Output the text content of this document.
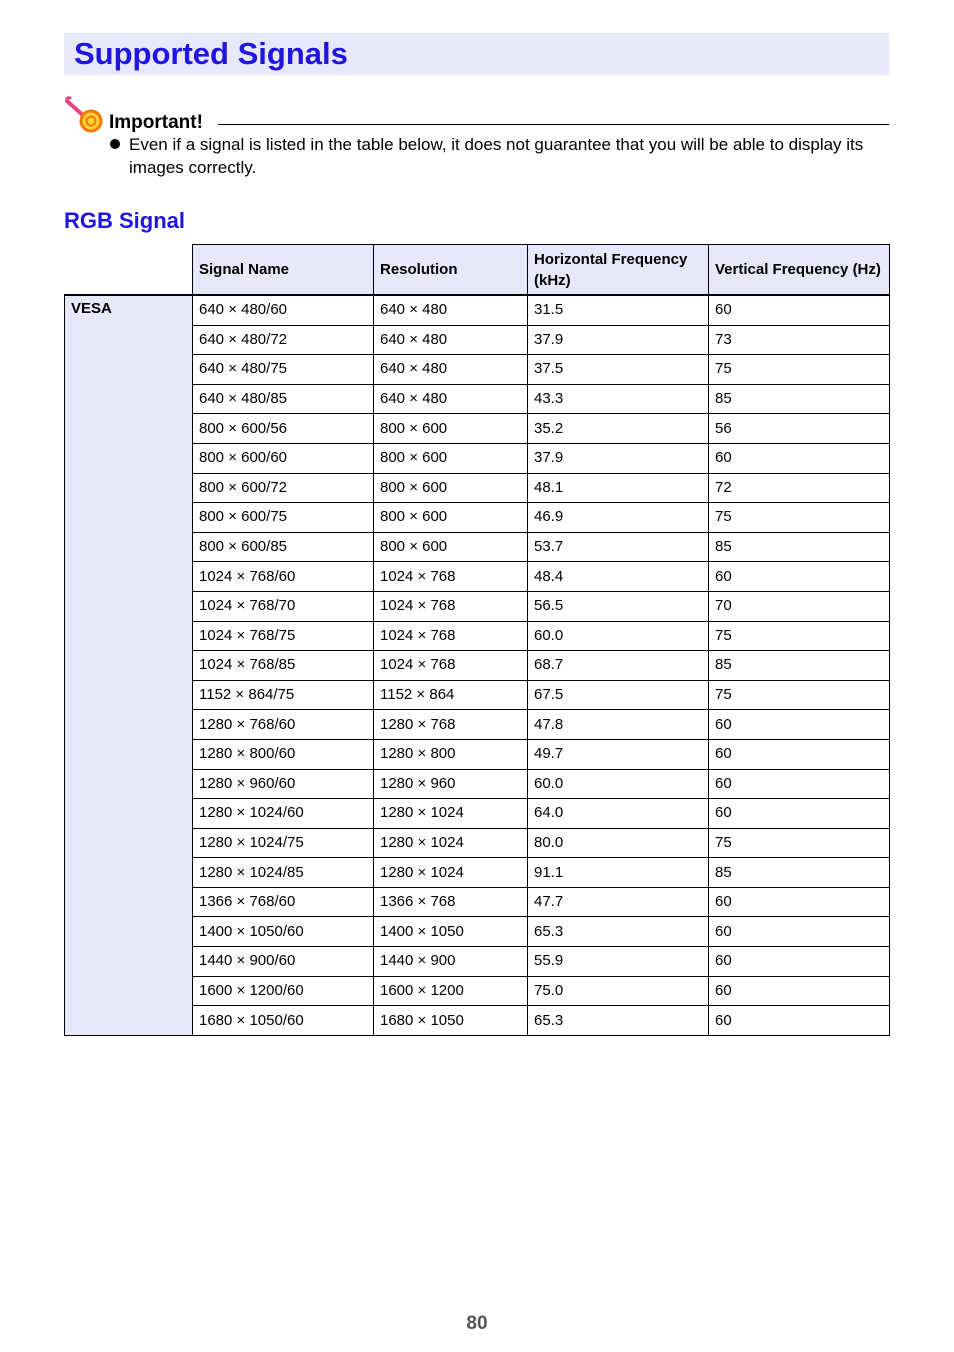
Supported Signals
Important!
Even if a signal is listed in the table below, it does not guarantee that you will be able to display its images correctly.
RGB Signal
	Signal Name	Resolution	Horizontal Frequency (kHz)	Vertical Frequency (Hz)
VESA	640 × 480/60	640 × 480	31.5	60
	640 × 480/72	640 × 480	37.9	73
	640 × 480/75	640 × 480	37.5	75
	640 × 480/85	640 × 480	43.3	85
	800 × 600/56	800 × 600	35.2	56
	800 × 600/60	800 × 600	37.9	60
	800 × 600/72	800 × 600	48.1	72
	800 × 600/75	800 × 600	46.9	75
	800 × 600/85	800 × 600	53.7	85
	1024 × 768/60	1024 × 768	48.4	60
	1024 × 768/70	1024 × 768	56.5	70
	1024 × 768/75	1024 × 768	60.0	75
	1024 × 768/85	1024 × 768	68.7	85
	1152 × 864/75	1152 × 864	67.5	75
	1280 × 768/60	1280 × 768	47.8	60
	1280 × 800/60	1280 × 800	49.7	60
	1280 × 960/60	1280 × 960	60.0	60
	1280 × 1024/60	1280 × 1024	64.0	60
	1280 × 1024/75	1280 × 1024	80.0	75
	1280 × 1024/85	1280 × 1024	91.1	85
	1366 × 768/60	1366 × 768	47.7	60
	1400 × 1050/60	1400 × 1050	65.3	60
	1440 × 900/60	1440 × 900	55.9	60
	1600 × 1200/60	1600 × 1200	75.0	60
	1680 × 1050/60	1680 × 1050	65.3	60
80
